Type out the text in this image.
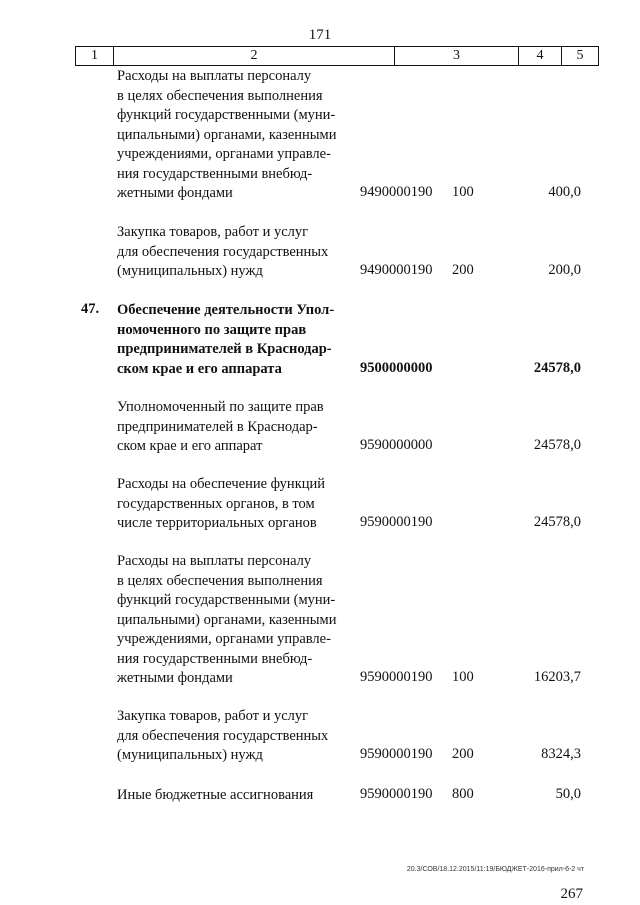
171
1	2	3	4	5
Расходы на выплаты персоналу
в целях обеспечения выполнения
функций государственными (муни-
ципальными) органами, казенными
учреждениями, органами управле-
ния государственными внебюд-
жетными фондами	9490000190 100	400,0
Закупка товаров, работ и услуг
для обеспечения государственных
(муниципальных) нужд	9490000190 200	200,0
47. Обеспечение деятельности Упол-
номоченного по защите прав
предпринимателей в Краснодар-
ском крае и его аппарата	9500000000	24578,0
Уполномоченный по защите прав
предпринимателей в Краснодар-
ском крае и его аппарат	9590000000	24578,0
Расходы на обеспечение функций
государственных органов, в том
числе территориальных органов	9590000190	24578,0
Расходы на выплаты персоналу
в целях обеспечения выполнения
функций государственными (муни-
ципальными) органами, казенными
учреждениями, органами управле-
ния государственными внебюд-
жетными фондами	9590000190 100	16203,7
Закупка товаров, работ и услуг
для обеспечения государственных
(муниципальных) нужд	9590000190 200	8324,3
Иные бюджетные ассигнования	9590000190 800	50,0
20.3/СОВ/18.12.2015/11:19/БЮДЖЕТ-2016-прил-6-2 чт
267
